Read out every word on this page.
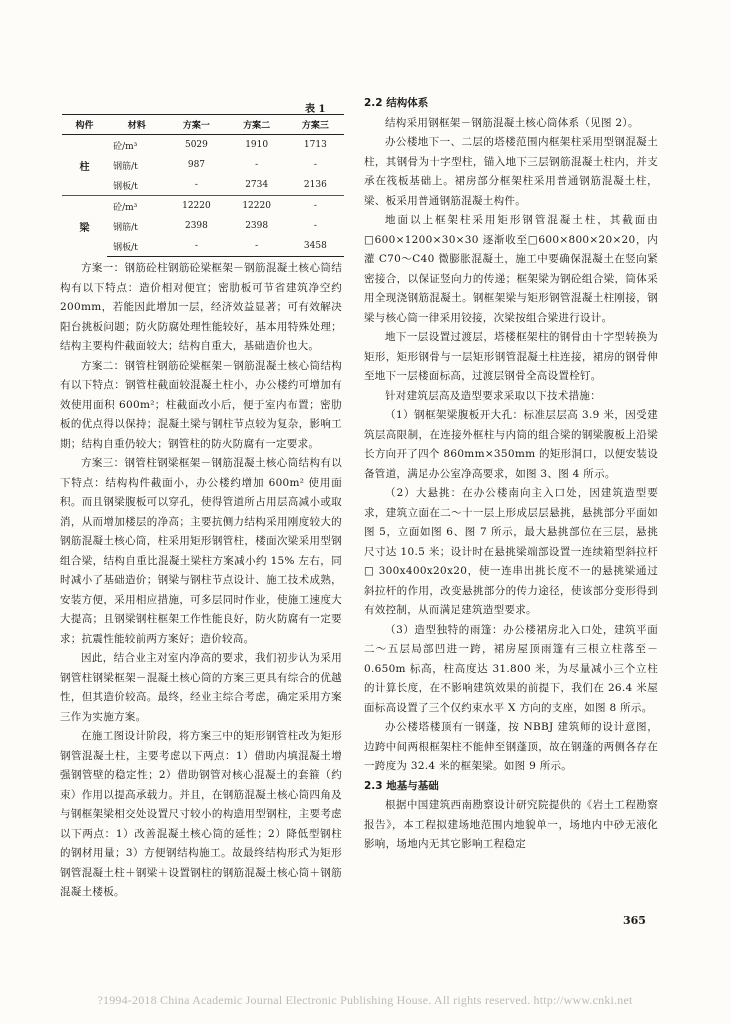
表 1
构件	材料	方案一	方案二	方案三
柱	砼/m³	5029	1910	1713
	钢筋/t	987	-	-
	钢板/t	-	2734	2136
梁	砼/m³	12220	12220	-
	钢筋/t	2398	2398	-
	钢板/t	-	-	3458

方案一：钢筋砼柱钢筋砼梁框架－钢筋混凝土核心筒结构有以下特点：造价相对便宜；密肋板可节省建筑净空约 200mm，若能因此增加一层，经济效益显著；可有效解决阳台挑板问题；防火防腐处理性能较好，基本用特殊处理；结构主要构件截面较大；结构自重大，基础造价也大。

方案二：钢管柱钢筋砼梁框架－钢筋混凝土核心筒结构有以下特点：钢管柱截面较混凝土柱小，办公楼约可增加有效使用面积 600m²；柱截面改小后，便于室内布置；密肋板的优点得以保持；混凝土梁与钢柱节点较为复杂，影响工期；结构自重仍较大；钢管柱的防火防腐有一定要求。

方案三：钢管柱钢梁框架－钢筋混凝土核心筒结构有以下特点：结构构件截面小，办公楼约增加 600m² 使用面积。而且钢梁腹板可以穿孔，使得管道所占用层高减小或取消，从而增加楼层的净高；主要抗侧力结构采用刚度较大的钢筋混凝土核心筒，柱采用矩形钢管柱，楼面次梁采用型钢组合梁，结构自重比混凝土梁柱方案减小约 15% 左右，同时减小了基础造价；钢梁与钢柱节点设计、施工技术成熟，安装方便，采用相应措施，可多层同时作业，使施工速度大大提高；且钢梁钢柱框架工作性能良好，防火防腐有一定要求；抗震性能较前两方案好；造价较高。

因此，结合业主对室内净高的要求，我们初步认为采用钢管柱钢梁框架－混凝土核心筒的方案三更具有综合的优越性，但其造价较高。最终，经业主综合考虑，确定采用方案三作为实施方案。

在施工图设计阶段，将方案三中的矩形钢管柱改为矩形钢管混凝土柱，主要考虑以下两点：1）借助内填混凝土增强钢管壁的稳定性；2）借助钢管对核心混凝土的套箍（约束）作用以提高承载力。并且，在钢筋混凝土核心筒四角及与钢框架梁相交处设置尺寸较小的构造用型钢柱，主要考虑以下两点：1）改善混凝土核心筒的延性；2）降低型钢柱的钢材用量；3）方便钢结构施工。故最终结构形式为矩形钢管混凝土柱＋钢梁＋设置钢柱的钢筋混凝土核心筒＋钢筋混凝土楼板。

2.2 结构体系

结构采用钢框架－钢筋混凝土核心筒体系（见图 2）。

办公楼地下一、二层的塔楼范围内框架柱采用型钢混凝土柱，其钢骨为十字型柱，锚入地下三层钢筋混凝土柱内，并支承在筏板基础上。裙房部分框架柱采用普通钢筋混凝土柱，梁、板采用普通钢筋混凝土构件。

地面以上框架柱采用矩形钢管混凝土柱，其截面由□600×1200×30×30 逐渐收至□600×800×20×20，内灌 C70～C40 微膨胀混凝土，施工中要确保混凝土在竖向紧密接合，以保证竖向力的传递；框架梁为钢砼组合梁，筒体采用全现浇钢筋混凝土。钢框架梁与矩形钢管混凝土柱刚接，钢梁与核心筒一律采用铰接，次梁按组合梁进行设计。

地下一层设置过渡层，塔楼框架柱的钢骨由十字型转换为矩形，矩形钢骨与一层矩形钢管混凝土柱连接，裙房的钢骨伸至地下一层楼面标高，过渡层钢骨全高设置栓钉。

针对建筑层高及造型要求采取以下技术措施：

（1）钢框架梁腹板开大孔：标准层层高 3.9 米，因受建筑层高限制，在连接外框柱与内筒的组合梁的钢梁腹板上沿梁长方向开了四个 860mm×350mm 的矩形洞口，以便安装设备管道，满足办公室净高要求，如图 3、图 4 所示。

（2）大悬挑：在办公楼南向主入口处，因建筑造型要求，建筑立面在二～十一层上形成层层悬挑，悬挑部分平面如图 5，立面如图 6、图 7 所示，最大悬挑部位在三层，悬挑尺寸达 10.5 米；设计时在悬挑梁端部设置一连续箱型斜拉杆□ 300x400x20x20，使一连串出挑长度不一的悬挑梁通过斜拉杆的作用，改变悬挑部分的传力途径，使该部分变形得到有效控制，从而满足建筑造型要求。

（3）造型独特的雨篷：办公楼裙房北入口处，建筑平面二～五层局部凹进一跨，裙房屋顶雨篷有三根立柱落至－0.650m 标高，柱高度达 31.800 米，为尽量减小三个立柱的计算长度，在不影响建筑效果的前提下，我们在 26.4 米屋面标高设置了三个仅约束水平 X 方向的支座，如图 8 所示。

办公楼塔楼顶有一钢蓬，按 NBBJ 建筑师的设计意图，边跨中间两根框架柱不能伸至钢蓬顶，故在钢蓬的两侧各存在一跨度为 32.4 米的框架梁。如图 9 所示。

2.3 地基与基础

根据中国建筑西南勘察设计研究院提供的《岩土工程勘察报告》，本工程拟建场地范围内地貌单一，场地内中砂无液化影响，场地内无其它影响工程稳定

365
?1994-2018 China Academic Journal Electronic Publishing House. All rights reserved. http://www.cnki.net
